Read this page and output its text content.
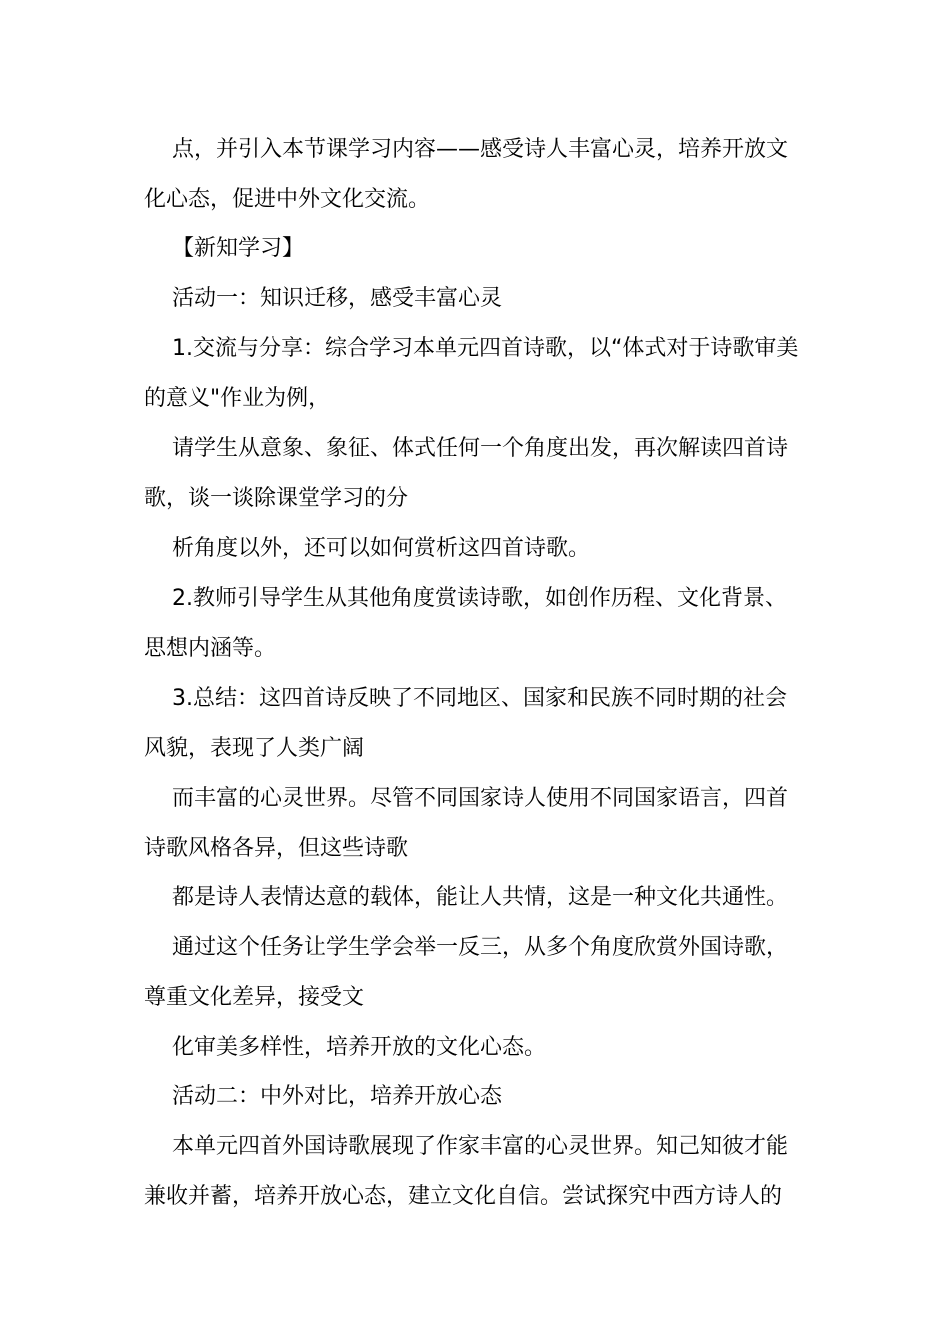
点，并引入本节课学习内容——感受诗人丰富心灵，培养开放文
化心态，促进中外文化交流。
【新知学习】
活动一：知识迁移，感受丰富心灵
1.交流与分享：综合学习本单元四首诗歌，以“体式对于诗歌审美
的意义"作业为例，
请学生从意象、象征、体式任何一个角度出发，再次解读四首诗
歌，谈一谈除课堂学习的分
析角度以外，还可以如何赏析这四首诗歌。
2.教师引导学生从其他角度赏读诗歌，如创作历程、文化背景、
思想内涵等。
3.总结：这四首诗反映了不同地区、国家和民族不同时期的社会
风貌，表现了人类广阔
而丰富的心灵世界。尽管不同国家诗人使用不同国家语言，四首
诗歌风格各异，但这些诗歌
都是诗人表情达意的载体，能让人共情，这是一种文化共通性。
通过这个任务让学生学会举一反三，从多个角度欣赏外国诗歌，
尊重文化差异，接受文
化审美多样性，培养开放的文化心态。
活动二：中外对比，培养开放心态
本单元四首外国诗歌展现了作家丰富的心灵世界。知己知彼才能
兼收并蓄，培养开放心态，建立文化自信。尝试探究中西方诗人的
